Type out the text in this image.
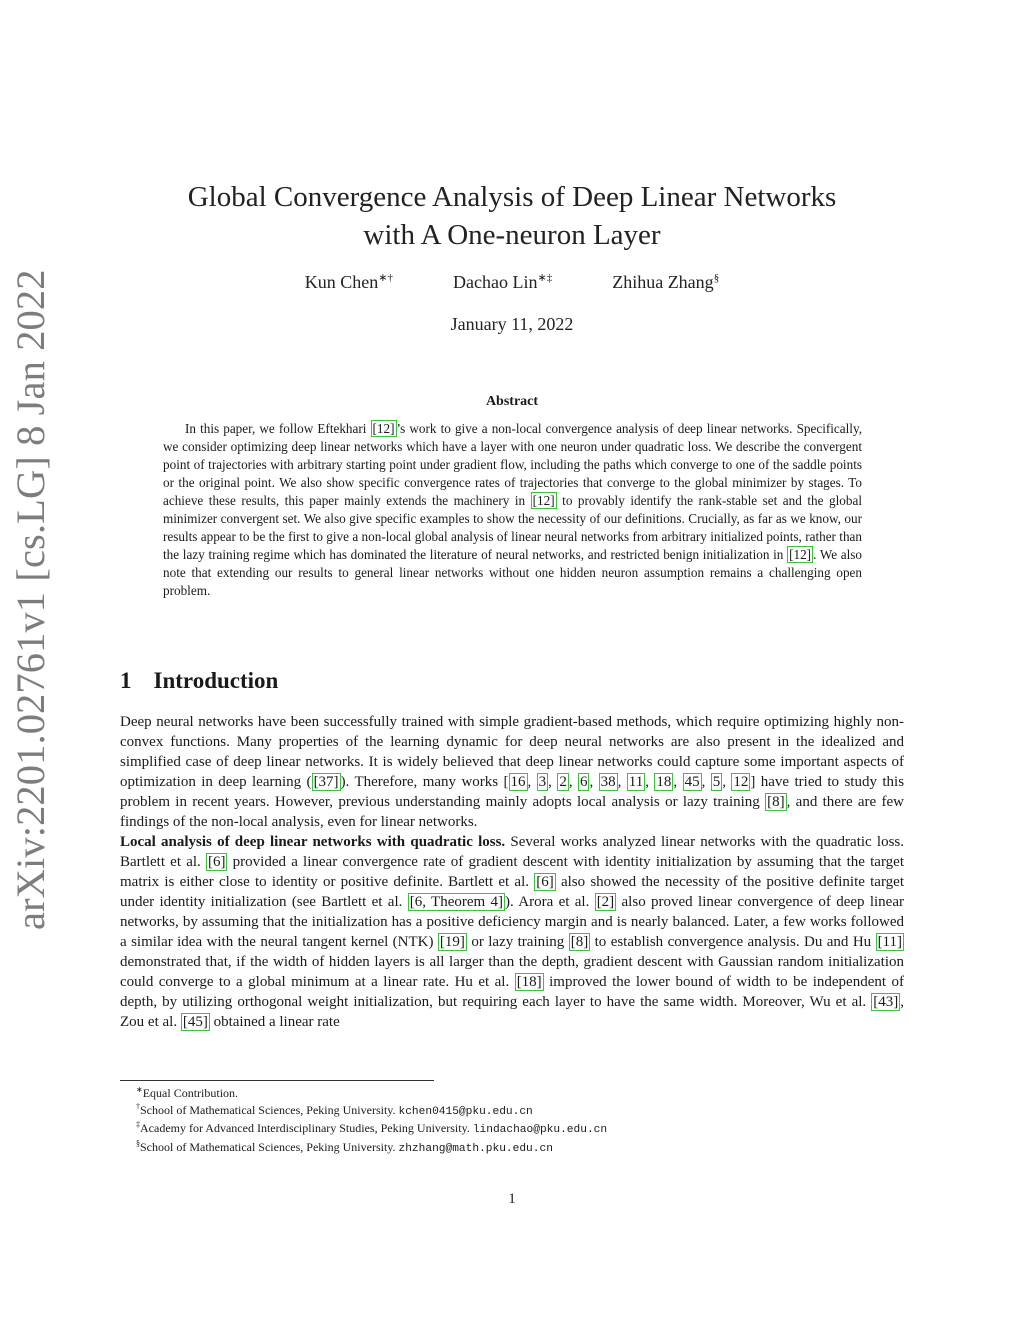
arXiv:2201.02761v1 [cs.LG] 8 Jan 2022
Global Convergence Analysis of Deep Linear Networks
with A One-neuron Layer
Kun Chen∗†	Dachao Lin∗‡	Zhihua Zhang§
January 11, 2022
Abstract

In this paper, we follow Eftekhari [12] ’s work to give a non-local convergence analysis of deep linear networks. Specifically, we consider optimizing deep linear networks which have a layer with one neuron under quadratic loss. We describe the convergent point of trajectories with arbitrary starting point under gradient flow, including the paths which converge to one of the saddle points or the original point. We also show specific convergence rates of trajectories that converge to the global minimizer by stages. To achieve these results, this paper mainly extends the machinery in [12] to provably identify the rank-stable set and the global minimizer convergent set. We also give specific examples to show the necessity of our definitions. Crucially, as far as we know, our results appear to be the first to give a non-local global analysis of linear neural networks from arbitrary initialized points, rather than the lazy training regime which has dominated the literature of neural networks, and restricted benign initialization in [12] . We also note that extending our results to general linear networks without one hidden neuron assumption remains a challenging open problem.

1 Introduction

Deep neural networks have been successfully trained with simple gradient-based methods, which require optimizing highly non-convex functions. Many properties of the learning dynamic for deep neural networks are also present in the idealized and simplified case of deep linear networks. It is widely believed that deep linear networks could capture some important aspects of optimization in deep learning ( [37] ). Therefore, many works [ 16 , 3 , 2 , 6 , 38 , 11 , 18 , 45 , 5 , 12 ] have tried to study this problem in recent years. However, previous understanding mainly adopts local analysis or lazy training [8] , and there are few findings of the non-local analysis, even for linear networks.

Local analysis of deep linear networks with quadratic loss. Several works analyzed linear networks with the quadratic loss. Bartlett et al. [6] provided a linear convergence rate of gradient descent with identity initialization by assuming that the target matrix is either close to identity or positive definite. Bartlett et al. [6] also showed the necessity of the positive definite target under identity initialization (see Bartlett et al. [6, Theorem 4] ). Arora et al. [2] also proved linear convergence of deep linear networks, by assuming that the initialization has a positive deficiency margin and is nearly balanced. Later, a few works followed a similar idea with the neural tangent kernel (NTK) [19] or lazy training [8] to establish convergence analysis. Du and Hu [11] demonstrated that, if the width of hidden layers is all larger than the depth, gradient descent with Gaussian random initialization could converge to a global minimum at a linear rate. Hu et al. [18] improved the lower bound of width to be independent of depth, by utilizing orthogonal weight initialization, but requiring each layer to have the same width. Moreover, Wu et al. [43] , Zou et al. [45] obtained a linear rate

∗Equal Contribution.
†School of Mathematical Sciences, Peking University. kchen0415@pku.edu.cn
‡Academy for Advanced Interdisciplinary Studies, Peking University. lindachao@pku.edu.cn
§School of Mathematical Sciences, Peking University. zhzhang@math.pku.edu.cn
1
